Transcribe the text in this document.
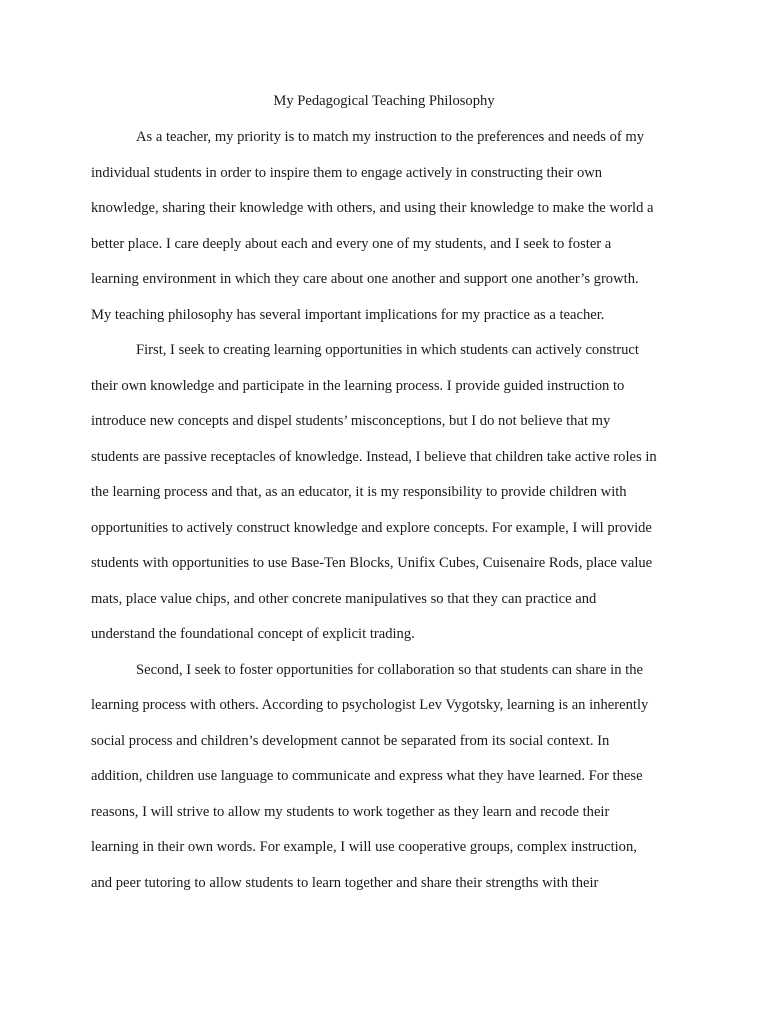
My Pedagogical Teaching Philosophy
As a teacher, my priority is to match my instruction to the preferences and needs of my
individual students in order to inspire them to engage actively in constructing their own
knowledge, sharing their knowledge with others, and using their knowledge to make the world a
better place. I care deeply about each and every one of my students, and I seek to foster a
learning environment in which they care about one another and support one another’s growth.
My teaching philosophy has several important implications for my practice as a teacher.
First, I seek to creating learning opportunities in which students can actively construct
their own knowledge and participate in the learning process. I provide guided instruction to
introduce new concepts and dispel students’ misconceptions, but I do not believe that my
students are passive receptacles of knowledge. Instead, I believe that children take active roles in
the learning process and that, as an educator, it is my responsibility to provide children with
opportunities to actively construct knowledge and explore concepts. For example, I will provide
students with opportunities to use Base-Ten Blocks, Unifix Cubes, Cuisenaire Rods, place value
mats, place value chips, and other concrete manipulatives so that they can practice and
understand the foundational concept of explicit trading.
Second, I seek to foster opportunities for collaboration so that students can share in the
learning process with others. According to psychologist Lev Vygotsky, learning is an inherently
social process and children’s development cannot be separated from its social context. In
addition, children use language to communicate and express what they have learned. For these
reasons, I will strive to allow my students to work together as they learn and recode their
learning in their own words. For example, I will use cooperative groups, complex instruction,
and peer tutoring to allow students to learn together and share their strengths with their
